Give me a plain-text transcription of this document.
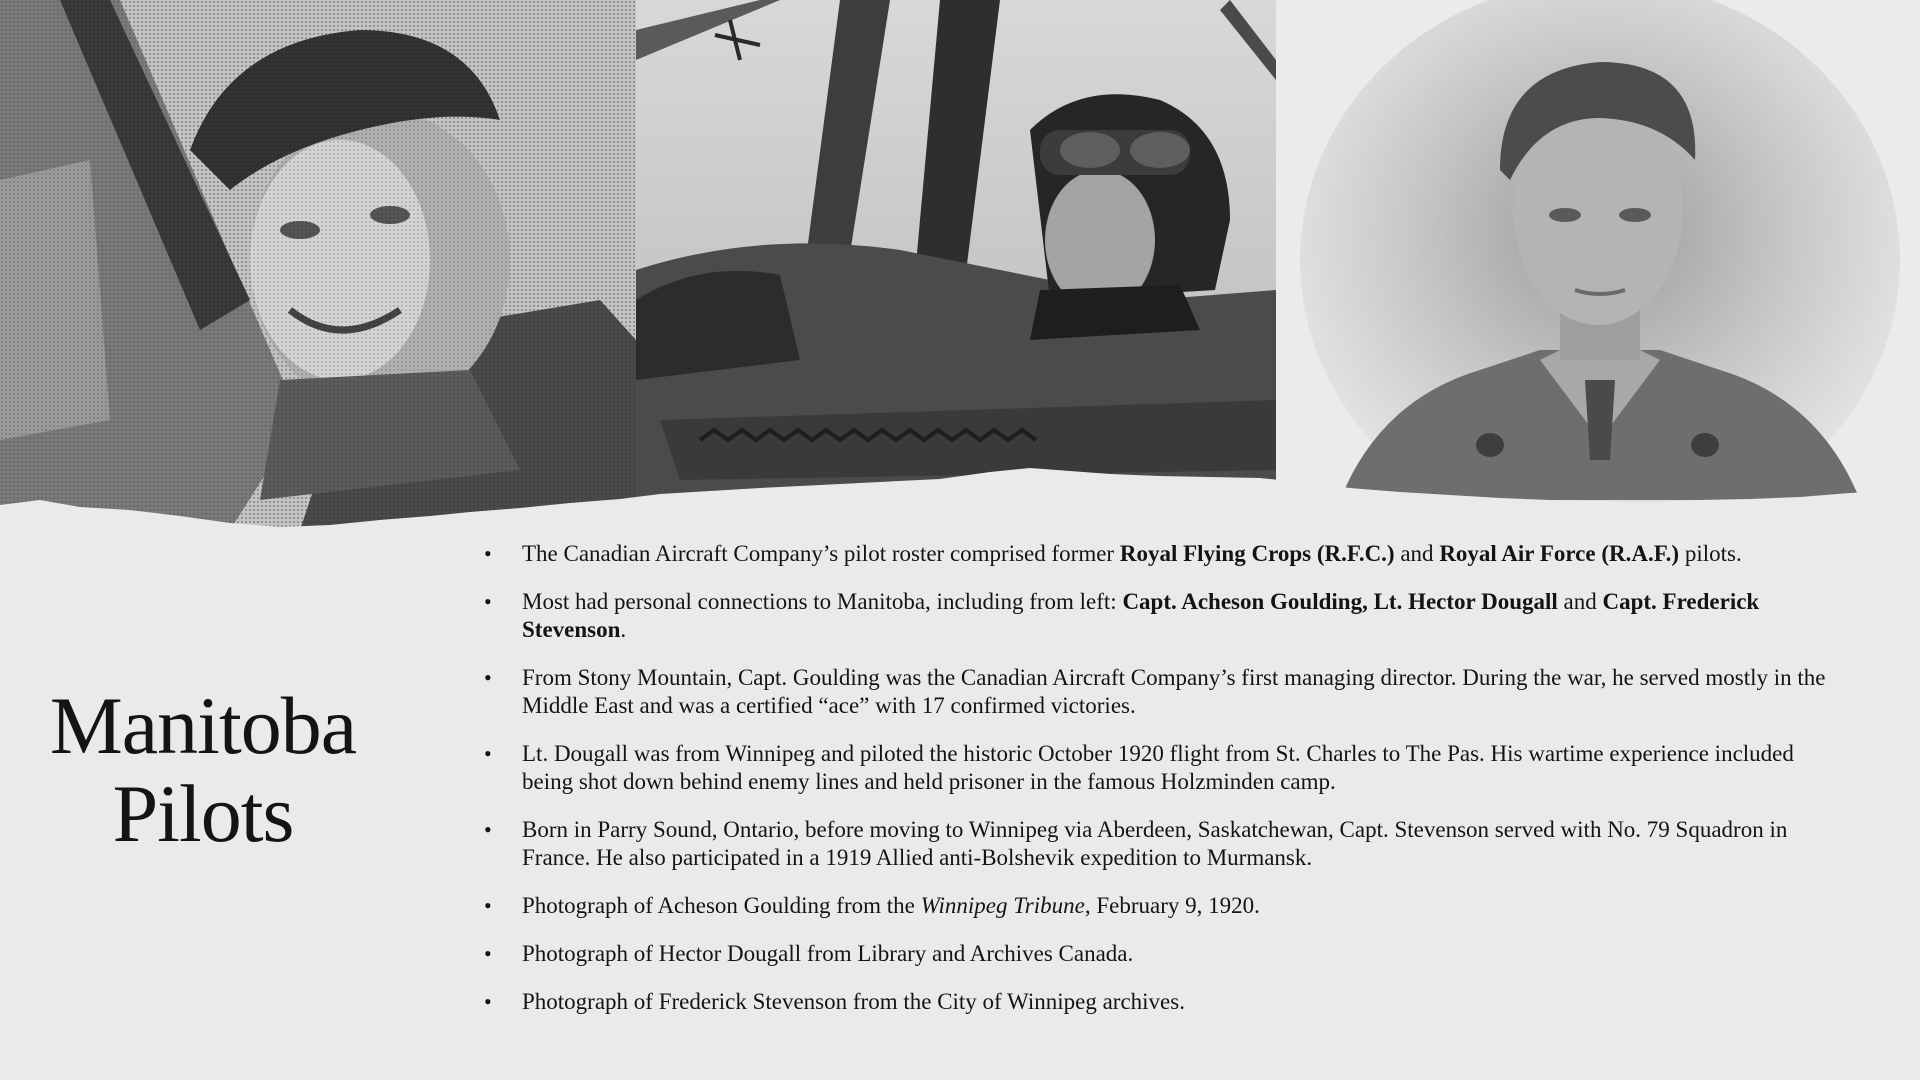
Manitoba
Pilots
• The Canadian Aircraft Company’s pilot roster comprised former Royal Flying Crops (R.F.C.) and Royal Air Force (R.A.F.) pilots.
• Most had personal connections to Manitoba, including from left: Capt. Acheson Goulding, Lt. Hector Dougall and Capt. Frederick Stevenson.
• From Stony Mountain, Capt. Goulding was the Canadian Aircraft Company’s first managing director. During the war, he served mostly in the Middle East and was a certified “ace” with 17 confirmed victories.
• Lt. Dougall was from Winnipeg and piloted the historic October 1920 flight from St. Charles to The Pas. His wartime experience included being shot down behind enemy lines and held prisoner in the famous Holzminden camp.
• Born in Parry Sound, Ontario, before moving to Winnipeg via Aberdeen, Saskatchewan, Capt. Stevenson served with No. 79 Squadron in France. He also participated in a 1919 Allied anti-Bolshevik expedition to Murmansk.
• Photograph of Acheson Goulding from the Winnipeg Tribune, February 9, 1920.
• Photograph of Hector Dougall from Library and Archives Canada.
• Photograph of Frederick Stevenson from the City of Winnipeg archives.
